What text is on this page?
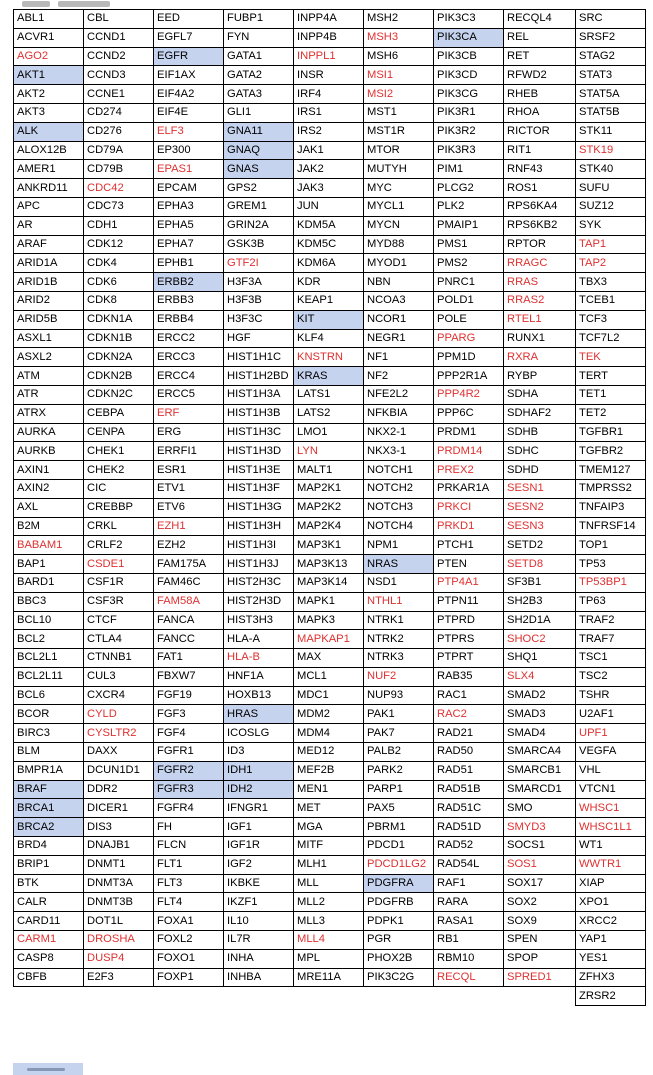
ABL1	CBL	EED	FUBP1	INPP4A	MSH2	PIK3C3	RECQL4	SRC
ACVR1	CCND1	EGFL7	FYN	INPP4B	MSH3	PIK3CA	REL	SRSF2
AGO2	CCND2	EGFR	GATA1	INPPL1	MSH6	PIK3CB	RET	STAG2
AKT1	CCND3	EIF1AX	GATA2	INSR	MSI1	PIK3CD	RFWD2	STAT3
AKT2	CCNE1	EIF4A2	GATA3	IRF4	MSI2	PIK3CG	RHEB	STAT5A
AKT3	CD274	EIF4E	GLI1	IRS1	MST1	PIK3R1	RHOA	STAT5B
ALK	CD276	ELF3	GNA11	IRS2	MST1R	PIK3R2	RICTOR	STK11
ALOX12B	CD79A	EP300	GNAQ	JAK1	MTOR	PIK3R3	RIT1	STK19
AMER1	CD79B	EPAS1	GNAS	JAK2	MUTYH	PIM1	RNF43	STK40
ANKRD11	CDC42	EPCAM	GPS2	JAK3	MYC	PLCG2	ROS1	SUFU
APC	CDC73	EPHA3	GREM1	JUN	MYCL1	PLK2	RPS6KA4	SUZ12
AR	CDH1	EPHA5	GRIN2A	KDM5A	MYCN	PMAIP1	RPS6KB2	SYK
ARAF	CDK12	EPHA7	GSK3B	KDM5C	MYD88	PMS1	RPTOR	TAP1
ARID1A	CDK4	EPHB1	GTF2I	KDM6A	MYOD1	PMS2	RRAGC	TAP2
ARID1B	CDK6	ERBB2	H3F3A	KDR	NBN	PNRC1	RRAS	TBX3
ARID2	CDK8	ERBB3	H3F3B	KEAP1	NCOA3	POLD1	RRAS2	TCEB1
ARID5B	CDKN1A	ERBB4	H3F3C	KIT	NCOR1	POLE	RTEL1	TCF3
ASXL1	CDKN1B	ERCC2	HGF	KLF4	NEGR1	PPARG	RUNX1	TCF7L2
ASXL2	CDKN2A	ERCC3	HIST1H1C	KNSTRN	NF1	PPM1D	RXRA	TEK
ATM	CDKN2B	ERCC4	HIST1H2BD	KRAS	NF2	PPP2R1A	RYBP	TERT
ATR	CDKN2C	ERCC5	HIST1H3A	LATS1	NFE2L2	PPP4R2	SDHA	TET1
ATRX	CEBPA	ERF	HIST1H3B	LATS2	NFKBIA	PPP6C	SDHAF2	TET2
AURKA	CENPA	ERG	HIST1H3C	LMO1	NKX2-1	PRDM1	SDHB	TGFBR1
AURKB	CHEK1	ERRFI1	HIST1H3D	LYN	NKX3-1	PRDM14	SDHC	TGFBR2
AXIN1	CHEK2	ESR1	HIST1H3E	MALT1	NOTCH1	PREX2	SDHD	TMEM127
AXIN2	CIC	ETV1	HIST1H3F	MAP2K1	NOTCH2	PRKAR1A	SESN1	TMPRSS2
AXL	CREBBP	ETV6	HIST1H3G	MAP2K2	NOTCH3	PRKCI	SESN2	TNFAIP3
B2M	CRKL	EZH1	HIST1H3H	MAP2K4	NOTCH4	PRKD1	SESN3	TNFRSF14
BABAM1	CRLF2	EZH2	HIST1H3I	MAP3K1	NPM1	PTCH1	SETD2	TOP1
BAP1	CSDE1	FAM175A	HIST1H3J	MAP3K13	NRAS	PTEN	SETD8	TP53
BARD1	CSF1R	FAM46C	HIST2H3C	MAP3K14	NSD1	PTP4A1	SF3B1	TP53BP1
BBC3	CSF3R	FAM58A	HIST2H3D	MAPK1	NTHL1	PTPN11	SH2B3	TP63
BCL10	CTCF	FANCA	HIST3H3	MAPK3	NTRK1	PTPRD	SH2D1A	TRAF2
BCL2	CTLA4	FANCC	HLA-A	MAPKAP1	NTRK2	PTPRS	SHOC2	TRAF7
BCL2L1	CTNNB1	FAT1	HLA-B	MAX	NTRK3	PTPRT	SHQ1	TSC1
BCL2L11	CUL3	FBXW7	HNF1A	MCL1	NUF2	RAB35	SLX4	TSC2
BCL6	CXCR4	FGF19	HOXB13	MDC1	NUP93	RAC1	SMAD2	TSHR
BCOR	CYLD	FGF3	HRAS	MDM2	PAK1	RAC2	SMAD3	U2AF1
BIRC3	CYSLTR2	FGF4	ICOSLG	MDM4	PAK7	RAD21	SMAD4	UPF1
BLM	DAXX	FGFR1	ID3	MED12	PALB2	RAD50	SMARCA4	VEGFA
BMPR1A	DCUN1D1	FGFR2	IDH1	MEF2B	PARK2	RAD51	SMARCB1	VHL
BRAF	DDR2	FGFR3	IDH2	MEN1	PARP1	RAD51B	SMARCD1	VTCN1
BRCA1	DICER1	FGFR4	IFNGR1	MET	PAX5	RAD51C	SMO	WHSC1
BRCA2	DIS3	FH	IGF1	MGA	PBRM1	RAD51D	SMYD3	WHSC1L1
BRD4	DNAJB1	FLCN	IGF1R	MITF	PDCD1	RAD52	SOCS1	WT1
BRIP1	DNMT1	FLT1	IGF2	MLH1	PDCD1LG2	RAD54L	SOS1	WWTR1
BTK	DNMT3A	FLT3	IKBKE	MLL	PDGFRA	RAF1	SOX17	XIAP
CALR	DNMT3B	FLT4	IKZF1	MLL2	PDGFRB	RARA	SOX2	XPO1
CARD11	DOT1L	FOXA1	IL10	MLL3	PDPK1	RASA1	SOX9	XRCC2
CARM1	DROSHA	FOXL2	IL7R	MLL4	PGR	RB1	SPEN	YAP1
CASP8	DUSP4	FOXO1	INHA	MPL	PHOX2B	RBM10	SPOP	YES1
CBFB	E2F3	FOXP1	INHBA	MRE11A	PIK3C2G	RECQL	SPRED1	ZFHX3
								ZRSR2
